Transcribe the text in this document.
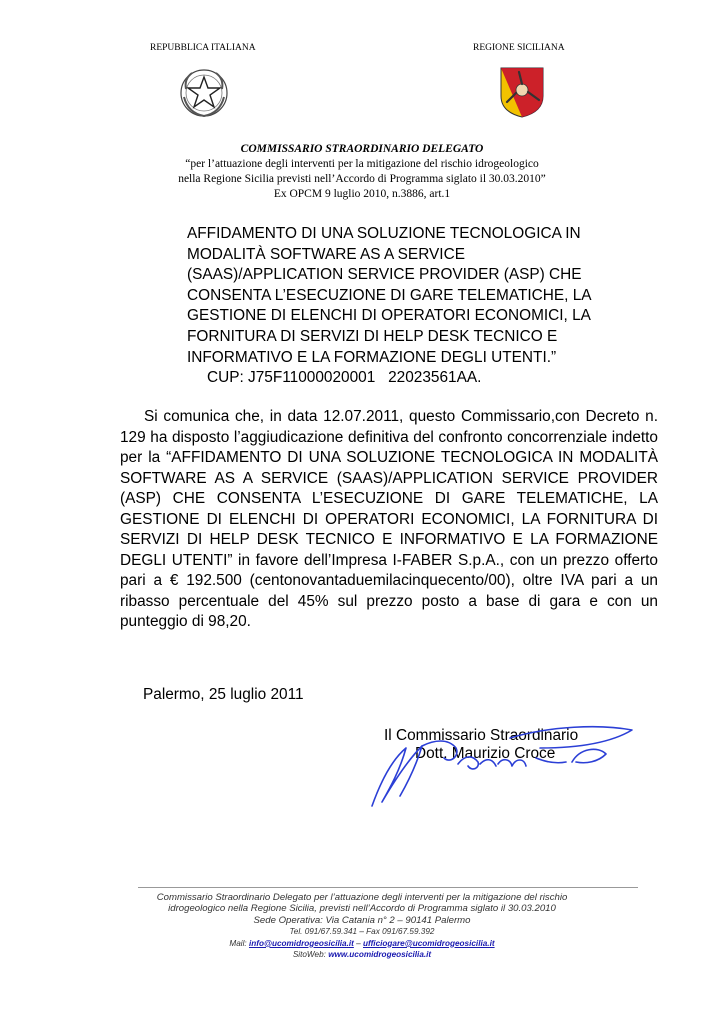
REPUBBLICA ITALIANA	REGIONE SICILIANA
COMMISSARIO STRAORDINARIO DELEGATO
“per l’attuazione degli interventi per la mitigazione del rischio idrogeologico
nella Regione Sicilia previsti nell’Accordo di Programma siglato il 30.03.2010”
Ex OPCM 9 luglio 2010, n.3886, art.1
AFFIDAMENTO DI UNA SOLUZIONE TECNOLOGICA IN
MODALITÀ SOFTWARE AS A SERVICE
(SAAS)/APPLICATION SERVICE PROVIDER (ASP) CHE
CONSENTA L’ESECUZIONE DI GARE TELEMATICHE, LA
GESTIONE DI ELENCHI DI OPERATORI ECONOMICI, LA
FORNITURA DI SERVIZI DI HELP DESK TECNICO E
INFORMATIVO E LA FORMAZIONE DEGLI UTENTI.”
CUP: J75F11000020001   22023561AA.

Si comunica che, in data 12.07.2011, questo Commissario,con Decreto n. 129 ha disposto l’aggiudicazione definitiva del confronto concorrenziale indetto per la “AFFIDAMENTO DI UNA SOLUZIONE TECNOLOGICA IN MODALITÀ SOFTWARE AS A SERVICE (SAAS)/APPLICATION SERVICE PROVIDER (ASP) CHE CONSENTA L’ESECUZIONE DI GARE TELEMATICHE, LA GESTIONE DI ELENCHI DI OPERATORI ECONOMICI, LA FORNITURA DI SERVIZI DI HELP DESK TECNICO E INFORMATIVO E LA FORMAZIONE DEGLI UTENTI” in favore dell’Impresa I-FABER S.p.A., con un prezzo offerto pari a € 192.500 (centonovantaduemilacinquecento/00), oltre IVA pari a un ribasso percentuale del 45% sul prezzo posto a base di gara e con un punteggio di 98,20.

Palermo, 25 luglio 2011
Il Commissario Straordinario
Dott. Maurizio Croce
Commissario Straordinario Delegato per l’attuazione degli interventi per la mitigazione del rischio
idrogeologico nella Regione Sicilia, previsti nell’Accordo di Programma siglato il 30.03.2010
Sede Operativa: Via Catania n° 2 – 90141 Palermo
Tel. 091/67.59.341 – Fax 091/67.59.392
Mail: info@ucomidrogeosicilia.it – ufficiogare@ucomidrogeosicilia.it
SitoWeb: www.ucomidrogeosicilia.it
